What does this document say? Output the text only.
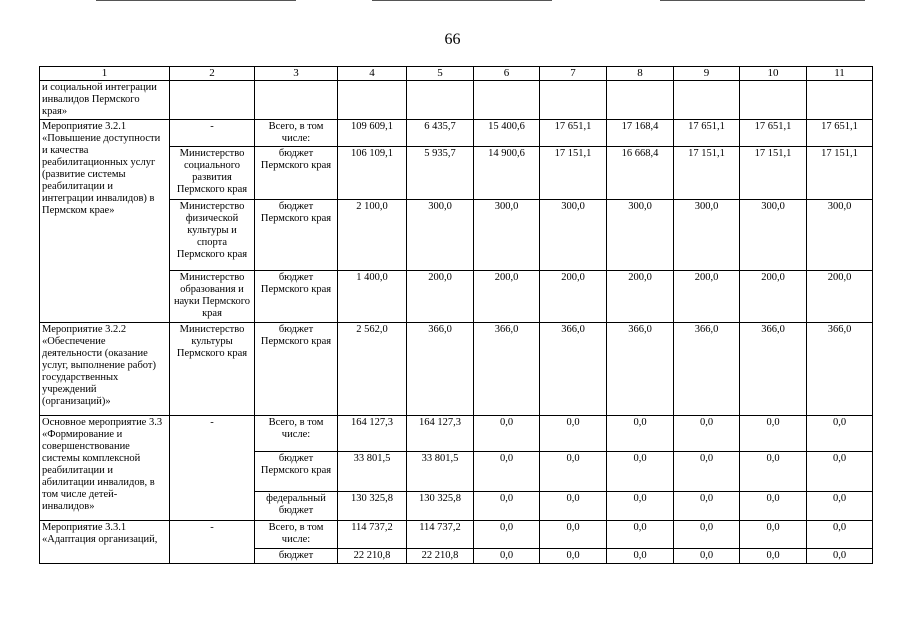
66
1	2	3	4	5	6	7	8	9	10	11
и социальной интеграции инвалидов Пермского края»										
Мероприятие 3.2.1 «Повышение доступности и качества реабилитационных услуг (развитие системы реабилитации и интеграции инвалидов) в Пермском крае»	-	Всего, в том числе:	109 609,1	6 435,7	15 400,6	17 651,1	17 168,4	17 651,1	17 651,1	17 651,1
	Министерство социального развития Пермского края	бюджет Пермского края	106 109,1	5 935,7	14 900,6	17 151,1	16 668,4	17 151,1	17 151,1	17 151,1
	Министерство физической культуры и спорта Пермского края	бюджет Пермского края	2 100,0	300,0	300,0	300,0	300,0	300,0	300,0	300,0
	Министерство образования и науки Пермского края	бюджет Пермского края	1 400,0	200,0	200,0	200,0	200,0	200,0	200,0	200,0
Мероприятие 3.2.2 «Обеспечение деятельности (оказание услуг, выполнение работ) государственных учреждений (организаций)»	Министерство культуры Пермского края	бюджет Пермского края	2 562,0	366,0	366,0	366,0	366,0	366,0	366,0	366,0
Основное мероприятие 3.3 «Формирование и совершенствование системы комплексной реабилитации и абилитации инвалидов, в том числе детей-инвалидов»	-	Всего, в том числе:	164 127,3	164 127,3	0,0	0,0	0,0	0,0	0,0	0,0
		бюджет Пермского края	33 801,5	33 801,5	0,0	0,0	0,0	0,0	0,0	0,0
		федеральный бюджет	130 325,8	130 325,8	0,0	0,0	0,0	0,0	0,0	0,0
Мероприятие 3.3.1 «Адаптация организаций,	-	Всего, в том числе:	114 737,2	114 737,2	0,0	0,0	0,0	0,0	0,0	0,0
		бюджет	22 210,8	22 210,8	0,0	0,0	0,0	0,0	0,0	0,0
